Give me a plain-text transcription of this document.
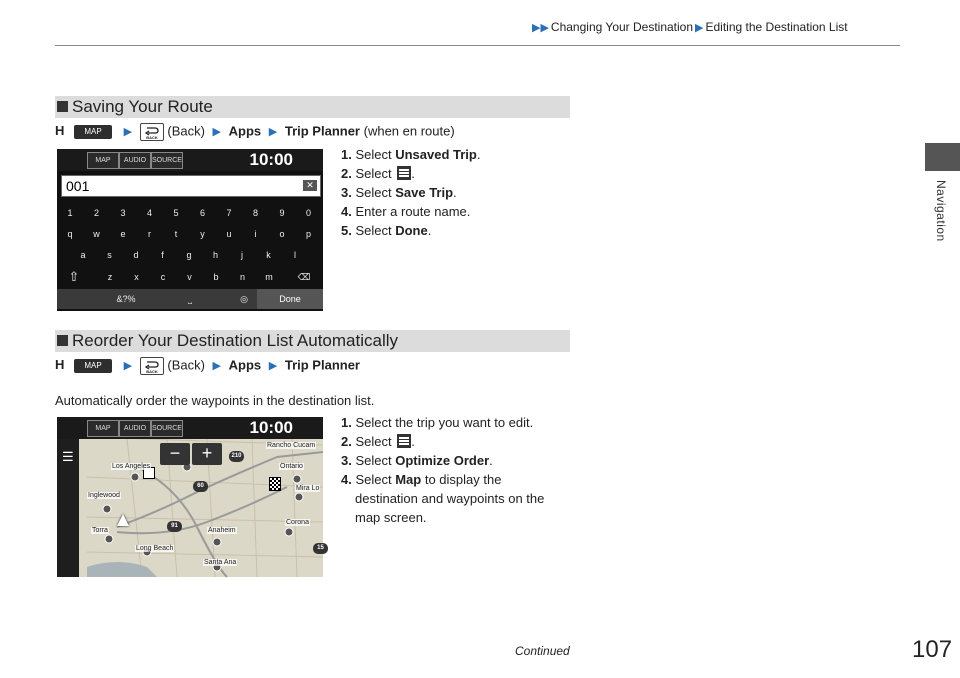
▶▶ Changing Your Destination ▶ Editing the Destination List
Navigation
Saving Your Route
H MAP ▶	BACK (Back) ▶ Apps ▶ Trip Planner (when en route)
MAP	AUDIO SOURCE	10:00
001	✕
1	2	3	4	5	6	7	8	9	0
q	w	e	r	t	y	u	i	o	p
a	s	d	f	g	h	j	k	l
⇧	⌫
z	x	c	v	b	n	m
&?%	⎵	◎	Done
1. Select Unsaved Trip.
2. Select
.
3. Select Save Trip.
4. Enter a route name.
5. Select Done.
Reorder Your Destination List Automatically
H MAP ▶	BACK (Back) ▶ Apps ▶ Trip Planner
Automatically order the waypoints in the destination list.
MAP	AUDIO SOURCE	10:00
☰	−	+	Rancho Cucam
Los Angeles	Ontario
Inglewood
Mira Lo
Torra	Anaheim
Corona
Long Beach
Santa Ana
210
60
91
15
1. Select the trip you want to edit.
2. Select
.
3. Select Optimize Order.
4. Select Map to display the
destination and waypoints on the
map screen.
Continued	107
